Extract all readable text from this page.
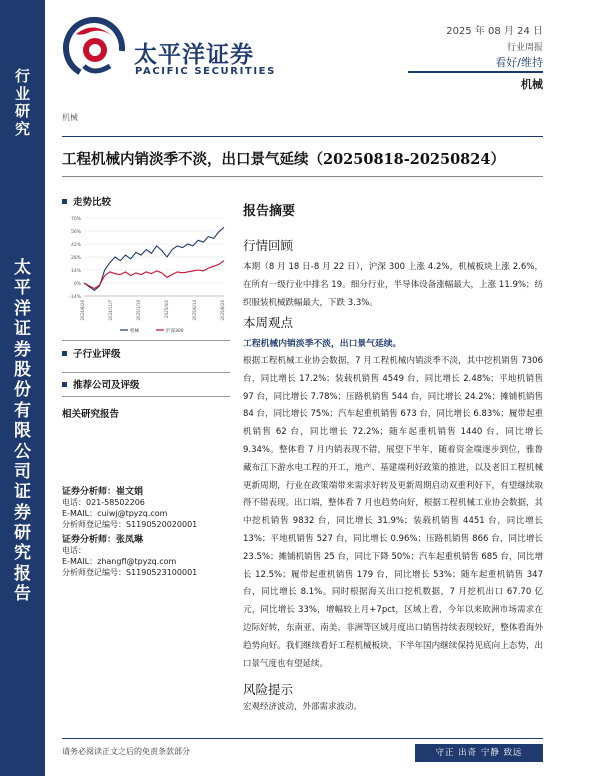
行
业
研
究
太
平
洋
证
券
股
份
有
限
公
司
证
券
研
究
报
告
太平洋证券
PACIFIC SECURITIES
2025 年 08 月 24 日
行业周报
看好/维持
机械
机械
工程机械内销淡季不淡，出口景气延续（20250818-20250824）
走势比较
70%
56%
42%
28%
14%
0%
-14%
2024/8/26	2024/11/7	2025/1/19	2025/4/2	2025/6/14	2025/8/26
机械	沪深300
子行业评级
推荐公司及评级
相关研究报告
证券分析师：崔文娟
电话：021-58502206
E-MAIL：cuiwj@tpyzq.com
分析师登记编号：S1190520020001
证券分析师：张凤琳
电话：
E-MAIL：zhangfl@tpyzq.com
分析师登记编号：S1190523100001
报告摘要
行情回顾
本期（8 月 18 日-8 月 22 日），沪深 300 上涨 4.2%，机械板块上涨 2.6%，在所有一级行业中排名 19。细分行业，半导体设备涨幅最大，上涨 11.9%；纺织服装机械跌幅最大，下跌 3.3%。
本周观点
工程机械内销淡季不淡，出口景气延续。
根据工程机械工业协会数据，7 月工程机械内销淡季不淡，其中挖机销售 7306 台，同比增长 17.2%；装载机销售 4549 台，同比增长 2.48%；平地机销售 97 台，同比增长 7.78%；压路机销售 544 台，同比增长 24.2%；摊铺机销售 84 台，同比增长 75%；汽车起重机销售 673 台，同比增长 6.83%；履带起重机销售 62 台，同比增长 72.2%；随车起重机销售 1440 台，同比增长 9.34%。整体看 7 月内销表现不错，展望下半年，随着资金端逐步到位，雅鲁藏布江下游水电工程的开工，地产、基建端利好政策的推进，以及老旧工程机械更新周期，行业在政策端带来需求好转及更新周期启动双重利好下，有望继续取得不错表现。出口端，整体看 7 月也趋势向好，根据工程机械工业协会数据，其中挖机销售 9832 台，同比增长 31.9%；装载机销售 4451 台，同比增长 13%；平地机销售 527 台，同比增长 0.96%；压路机销售 866 台，同比增长 23.5%；摊铺机销售 25 台，同比下降 50%；汽车起重机销售 685 台，同比增长 12.5%；履带起重机销售 179 台，同比增长 53%；随车起重机销售 347 台，同比增长 8.1%。同时根据海关出口挖机数据，7 月挖机出口 67.70 亿元，同比增长 33%，增幅较上月+7pct，区域上看，今年以来欧洲市场需求在边际好转，东南亚、南美、非洲等区域月度出口销售持续表现较好，整体看海外趋势向好。我们继续看好工程机械板块，下半年国内继续保持见底向上态势，出口景气度也有望延续。
风险提示
宏观经济波动，外部需求波动。
请务必阅读正文之后的免责条款部分	守正 出奇 宁静 致远
